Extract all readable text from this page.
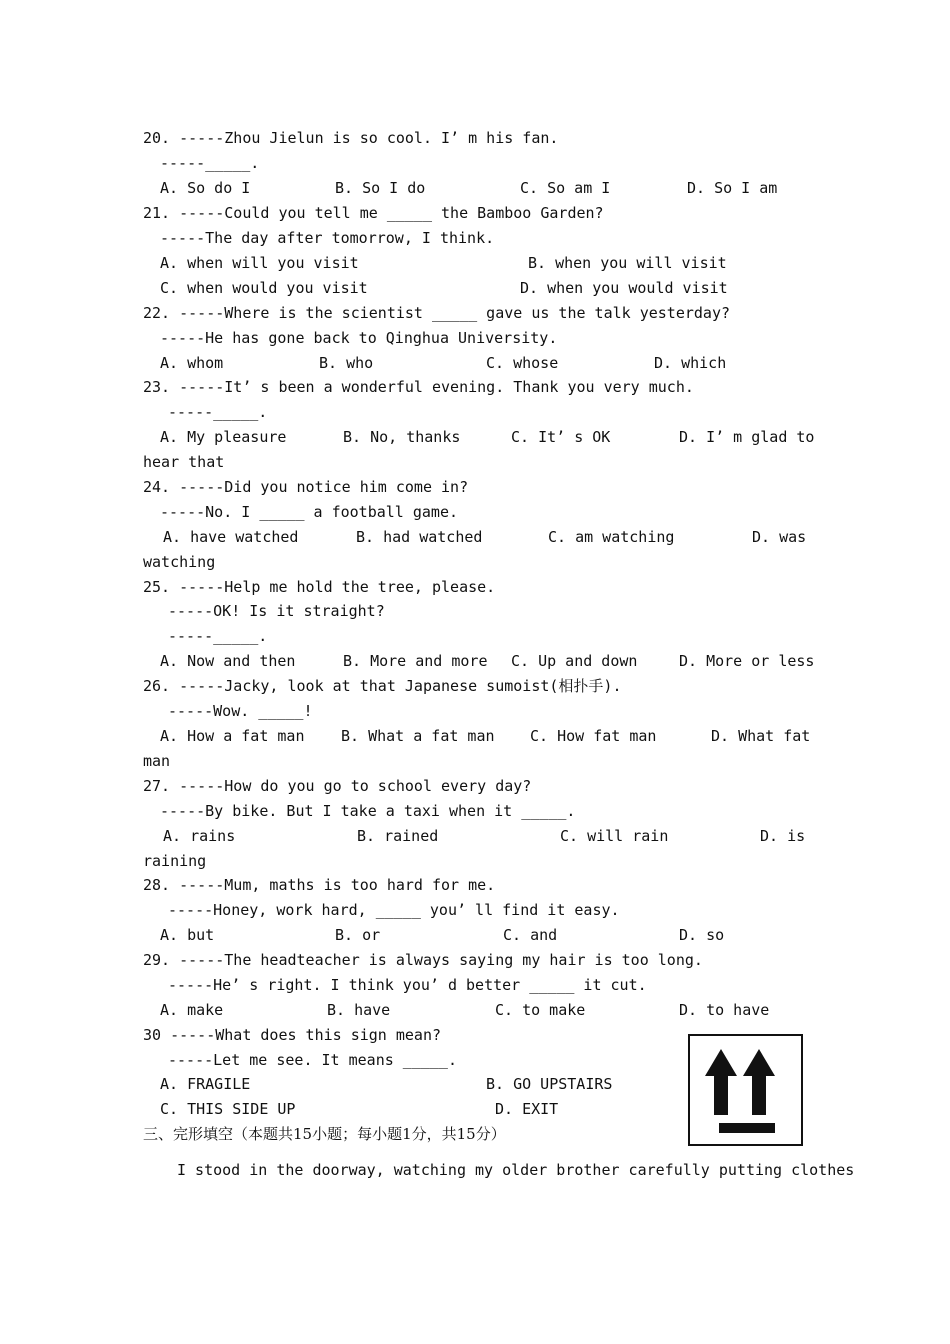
20. -----Zhou Jielun is so cool. I’ m his fan.
-----_____.
A. So do I	B. So I do	C. So am I	D. So I am
21. -----Could you tell me _____ the Bamboo Garden?
-----The day after tomorrow, I think.
A. when will you visit	B. when you will visit
C. when would you visit	D. when you would visit
22. -----Where is the scientist _____ gave us the talk yesterday?
-----He has gone back to Qinghua University.
A. whom	B. who	C. whose	D. which
23. -----It’ s been a wonderful evening. Thank you very much.
-----_____.
A. My pleasure	B. No, thanks	C. It’ s OK	D. I’ m glad to
hear that
24. -----Did you notice him come in?
-----No. I _____ a football game.
A. have watched	B. had watched	C. am watching	D. was
watching
25. -----Help me hold the tree, please.
-----OK! Is it straight?
-----_____.
A. Now and then	B. More and more C. Up and down	D. More or less
26. -----Jacky, look at that Japanese sumoist(相扑手).
-----Wow. _____!
A. How a fat man B. What a fat man C. How fat man	D. What fat
man
27. -----How do you go to school every day?
-----By bike. But I take a taxi when it _____.
A. rains	B. rained	C. will rain	D. is
raining
28. -----Mum, maths is too hard for me.
-----Honey, work hard, _____ you’ ll find it easy.
A. but	B. or	C. and	D. so
29. -----The headteacher is always saying my hair is too long.
-----He’ s right. I think you’ d better _____ it cut.
A. make	B. have	C. to make	D. to have
30 -----What does this sign mean?
-----Let me see. It means _____.
A. FRAGILE	B. GO UPSTAIRS
C. THIS SIDE UP	D. EXIT
三、完形填空（本题共15小题；每小题1分，共15分）
I stood in the doorway, watching my older brother carefully putting clothes
